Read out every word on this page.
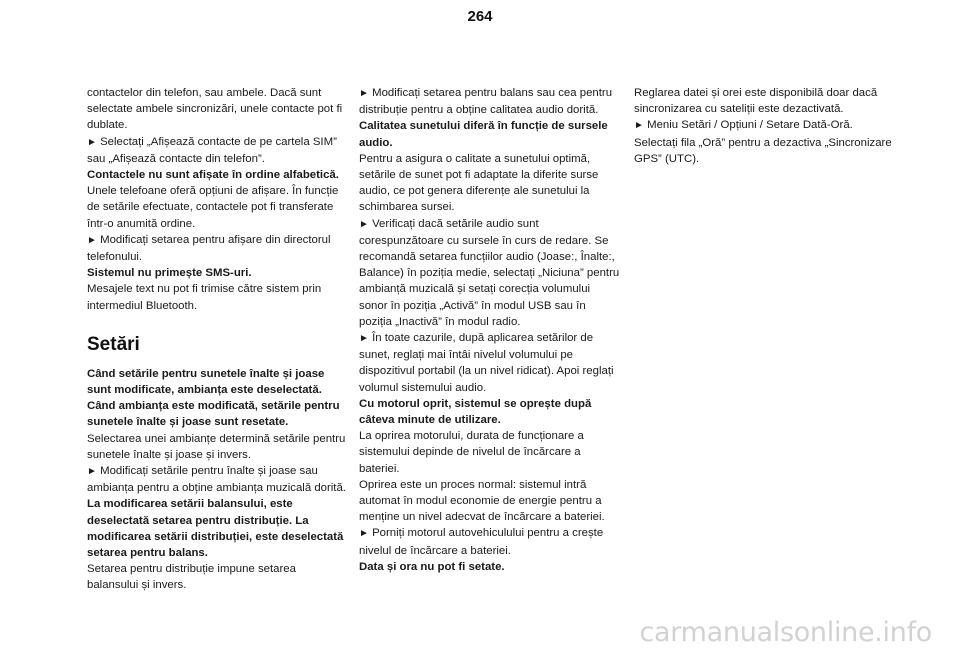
264

contactelor din telefon, sau ambele. Dacă sunt selectate ambele sincronizări, unele contacte pot fi dublate.

► Selectați „Afișează contacte de pe cartela SIM” sau „Afișează contacte din telefon”.

Contactele nu sunt afișate în ordine alfabetică.

Unele telefoane oferă opțiuni de afișare. În funcție de setările efectuate, contactele pot fi transferate într-o anumită ordine.

► Modificați setarea pentru afișare din directorul telefonului.

Sistemul nu primește SMS-uri.

Mesajele text nu pot fi trimise către sistem prin intermediul Bluetooth.

Setări

Când setările pentru sunetele înalte și joase sunt modificate, ambianța este deselectată. Când ambianța este modificată, setările pentru sunetele înalte și joase sunt resetate.

Selectarea unei ambianțe determină setările pentru sunetele înalte și joase și invers.

► Modificați setările pentru înalte și joase sau ambianța pentru a obține ambianța muzicală dorită.

La modificarea setării balansului, este deselectată setarea pentru distribuție. La modificarea setării distribuției, este deselectată setarea pentru balans.

Setarea pentru distribuție impune setarea balansului și invers.

► Modificați setarea pentru balans sau cea pentru distribuție pentru a obține calitatea audio dorită.

Calitatea sunetului diferă în funcție de sursele audio.

Pentru a asigura o calitate a sunetului optimă, setările de sunet pot fi adaptate la diferite surse audio, ce pot genera diferențe ale sunetului la schimbarea sursei.

► Verificați dacă setările audio sunt corespunzătoare cu sursele în curs de redare. Se recomandă setarea funcțiilor audio (Joase:, Înalte:, Balance) în poziția medie, selectați „Niciuna” pentru ambianță muzicală și setați corecția volumului sonor în poziția „Activă” în modul USB sau în poziția „Inactivă” în modul radio.

► În toate cazurile, după aplicarea setărilor de sunet, reglați mai întâi nivelul volumului pe dispozitivul portabil (la un nivel ridicat). Apoi reglați volumul sistemului audio.

Cu motorul oprit, sistemul se oprește după câteva minute de utilizare.

La oprirea motorului, durata de funcționare a sistemului depinde de nivelul de încărcare a bateriei.

Oprirea este un proces normal: sistemul intră automat în modul economie de energie pentru a menține un nivel adecvat de încărcare a bateriei.

► Porniți motorul autovehiculului pentru a crește nivelul de încărcare a bateriei.

Data și ora nu pot fi setate.

Reglarea datei și orei este disponibilă doar dacă sincronizarea cu sateliții este dezactivată.

► Meniu Setări / Opțiuni / Setare Dată-Oră. Selectați fila „Oră” pentru a dezactiva „Sincronizare GPS” (UTC).

carmanualsonline.info
